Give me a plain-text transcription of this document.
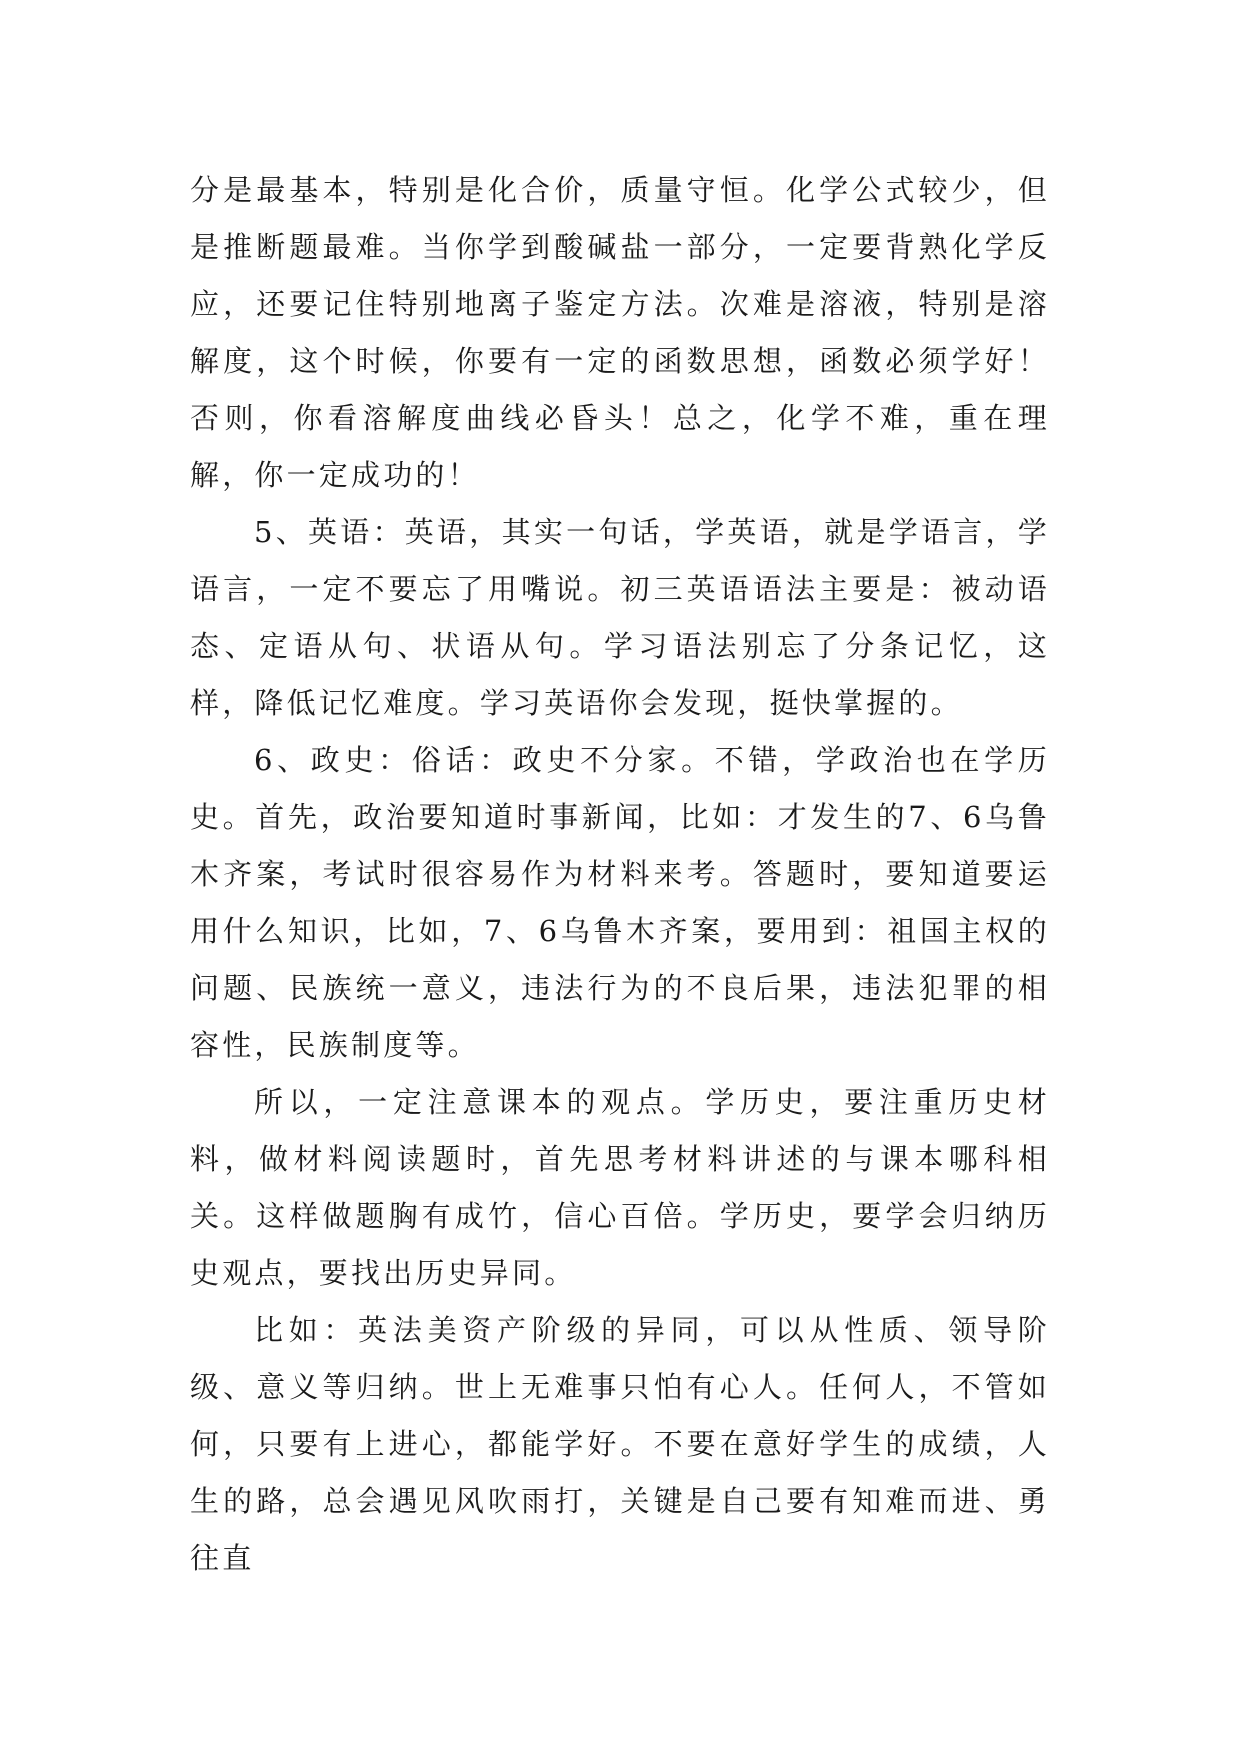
分是最基本，特别是化合价，质量守恒。化学公式较少，但是推断题最难。当你学到酸碱盐一部分，一定要背熟化学反应，还要记住特别地离子鉴定方法。次难是溶液，特别是溶解度，这个时候，你要有一定的函数思想，函数必须学好！否则，你看溶解度曲线必昏头！总之，化学不难，重在理解，你一定成功的！

5、英语：英语，其实一句话，学英语，就是学语言，学语言，一定不要忘了用嘴说。初三英语语法主要是：被动语态、定语从句、状语从句。学习语法别忘了分条记忆，这样，降低记忆难度。学习英语你会发现，挺快掌握的。

6、政史：俗话：政史不分家。不错，学政治也在学历史。首先，政治要知道时事新闻，比如：才发生的7、6乌鲁木齐案，考试时很容易作为材料来考。答题时，要知道要运用什么知识，比如，7、6乌鲁木齐案，要用到：祖国主权的问题、民族统一意义，违法行为的不良后果，违法犯罪的相容性，民族制度等。

所以，一定注意课本的观点。学历史，要注重历史材料，做材料阅读题时，首先思考材料讲述的与课本哪科相关。这样做题胸有成竹，信心百倍。学历史，要学会归纳历史观点，要找出历史异同。

比如：英法美资产阶级的异同，可以从性质、领导阶级、意义等归纳。世上无难事只怕有心人。任何人，不管如何，只要有上进心，都能学好。不要在意好学生的成绩，人生的路，总会遇见风吹雨打，关键是自己要有知难而进、勇往直
